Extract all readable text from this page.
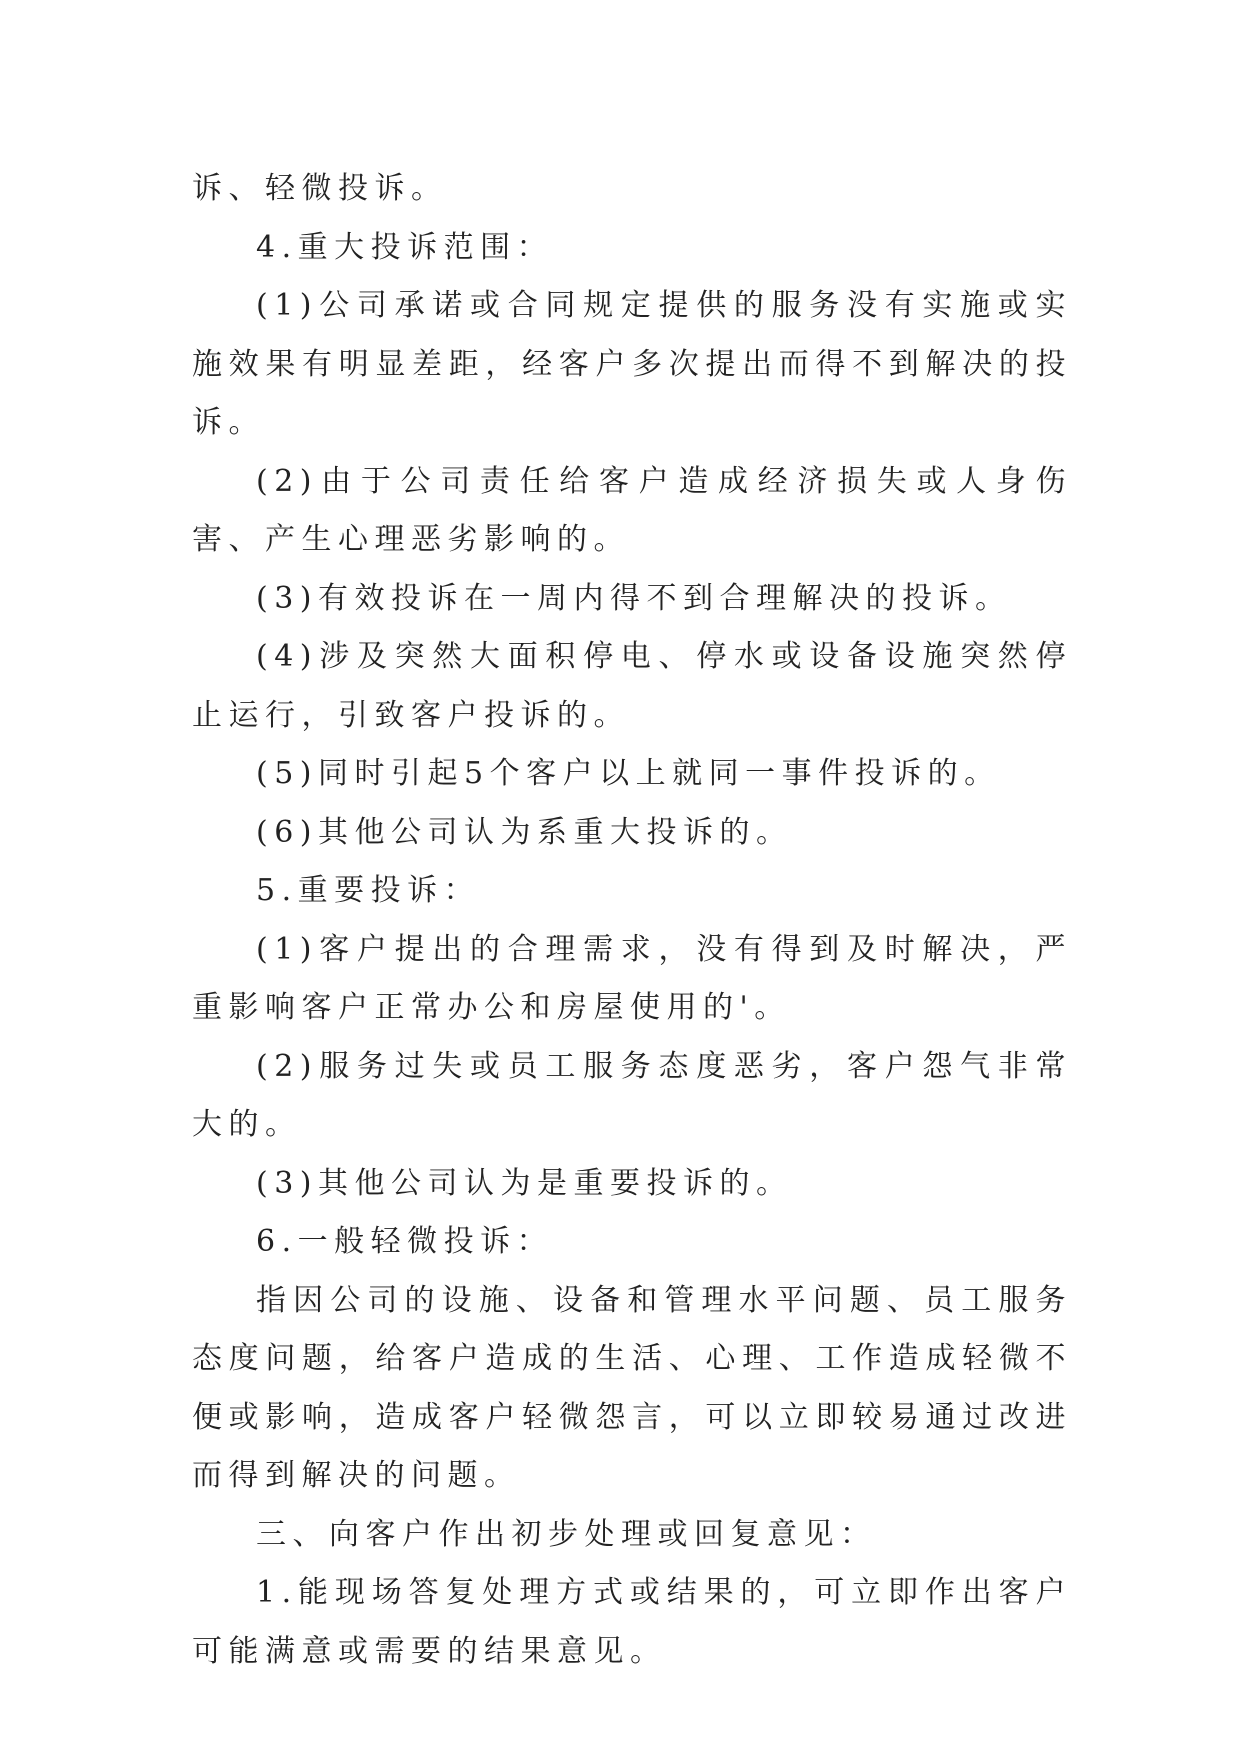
诉、轻微投诉。

4.重大投诉范围：

(1)公司承诺或合同规定提供的服务没有实施或实施效果有明显差距，经客户多次提出而得不到解决的投诉。

(2)由于公司责任给客户造成经济损失或人身伤害、产生心理恶劣影响的。

(3)有效投诉在一周内得不到合理解决的投诉。

(4)涉及突然大面积停电、停水或设备设施突然停止运行，引致客户投诉的。

(5)同时引起5个客户以上就同一事件投诉的。

(6)其他公司认为系重大投诉的。

5.重要投诉：

(1)客户提出的合理需求，没有得到及时解决，严重影响客户正常办公和房屋使用的'。

(2)服务过失或员工服务态度恶劣，客户怨气非常大的。

(3)其他公司认为是重要投诉的。

6.一般轻微投诉：

指因公司的设施、设备和管理水平问题、员工服务态度问题，给客户造成的生活、心理、工作造成轻微不便或影响，造成客户轻微怨言，可以立即较易通过改进而得到解决的问题。

三、向客户作出初步处理或回复意见：

1.能现场答复处理方式或结果的，可立即作出客户可能满意或需要的结果意见。
